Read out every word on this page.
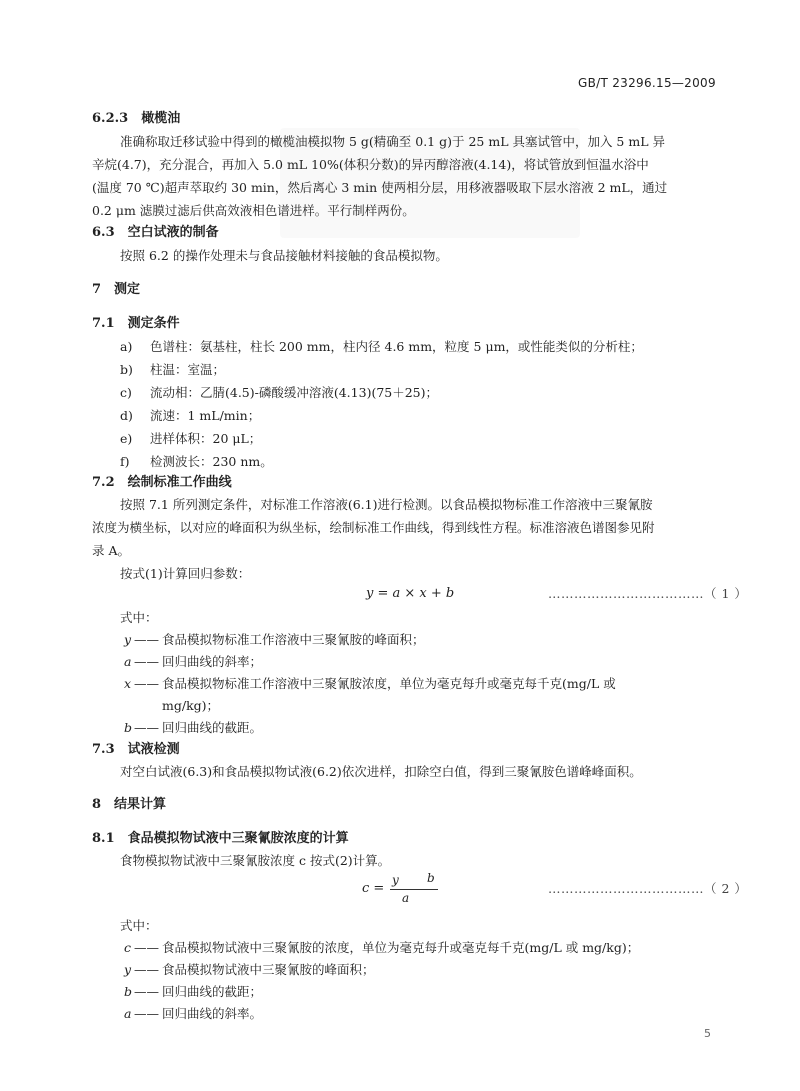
GB/T 23296.15—2009
6.2.3　橄榄油
准确称取迁移试验中得到的橄榄油模拟物 5 g(精确至 0.1 g)于 25 mL 具塞试管中，加入 5 mL 异
辛烷(4.7)，充分混合，再加入 5.0 mL 10%(体积分数)的异丙醇溶液(4.14)，将试管放到恒温水浴中
(温度 70 ℃)超声萃取约 30 min，然后离心 3 min 使两相分层，用移液器吸取下层水溶液 2 mL，通过
0.2 μm 滤膜过滤后供高效液相色谱进样。平行制样两份。
6.3　空白试液的制备
按照 6.2 的操作处理未与食品接触材料接触的食品模拟物。
7　测定
7.1　测定条件
a) 色谱柱：氨基柱，柱长 200 mm，柱内径 4.6 mm，粒度 5 μm，或性能类似的分析柱；
b) 柱温：室温；
c) 流动相：乙腈(4.5)-磷酸缓冲溶液(4.13)(75＋25)；
d) 流速：1 mL/min；
e) 进样体积：20 μL；
f) 检测波长：230 nm。
7.2　绘制标准工作曲线
按照 7.1 所列测定条件，对标准工作溶液(6.1)进行检测。以食品模拟物标准工作溶液中三聚氰胺
浓度为横坐标，以对应的峰面积为纵坐标，绘制标准工作曲线，得到线性方程。标准溶液色谱图参见附
录 A。
按式(1)计算回归参数：
y = a × x + b	………………………………（ 1 ）
式中：
y —— 食品模拟物标准工作溶液中三聚氰胺的峰面积；
a —— 回归曲线的斜率；
x —— 食品模拟物标准工作溶液中三聚氰胺浓度，单位为毫克每升或毫克每千克(mg/L 或
mg/kg)；
b —— 回归曲线的截距。
7.3　试液检测
对空白试液(6.3)和食品模拟物试液(6.2)依次进样，扣除空白值，得到三聚氰胺色谱峰峰面积。
8　结果计算
8.1　食品模拟物试液中三聚氰胺浓度的计算
食物模拟物试液中三聚氰胺浓度 c 按式(2)计算。
c =
y b
a
………………………………（ 2 ）
式中：
c —— 食品模拟物试液中三聚氰胺的浓度，单位为毫克每升或毫克每千克(mg/L 或 mg/kg)；
y —— 食品模拟物试液中三聚氰胺的峰面积；
b —— 回归曲线的截距；
a —— 回归曲线的斜率。
5
